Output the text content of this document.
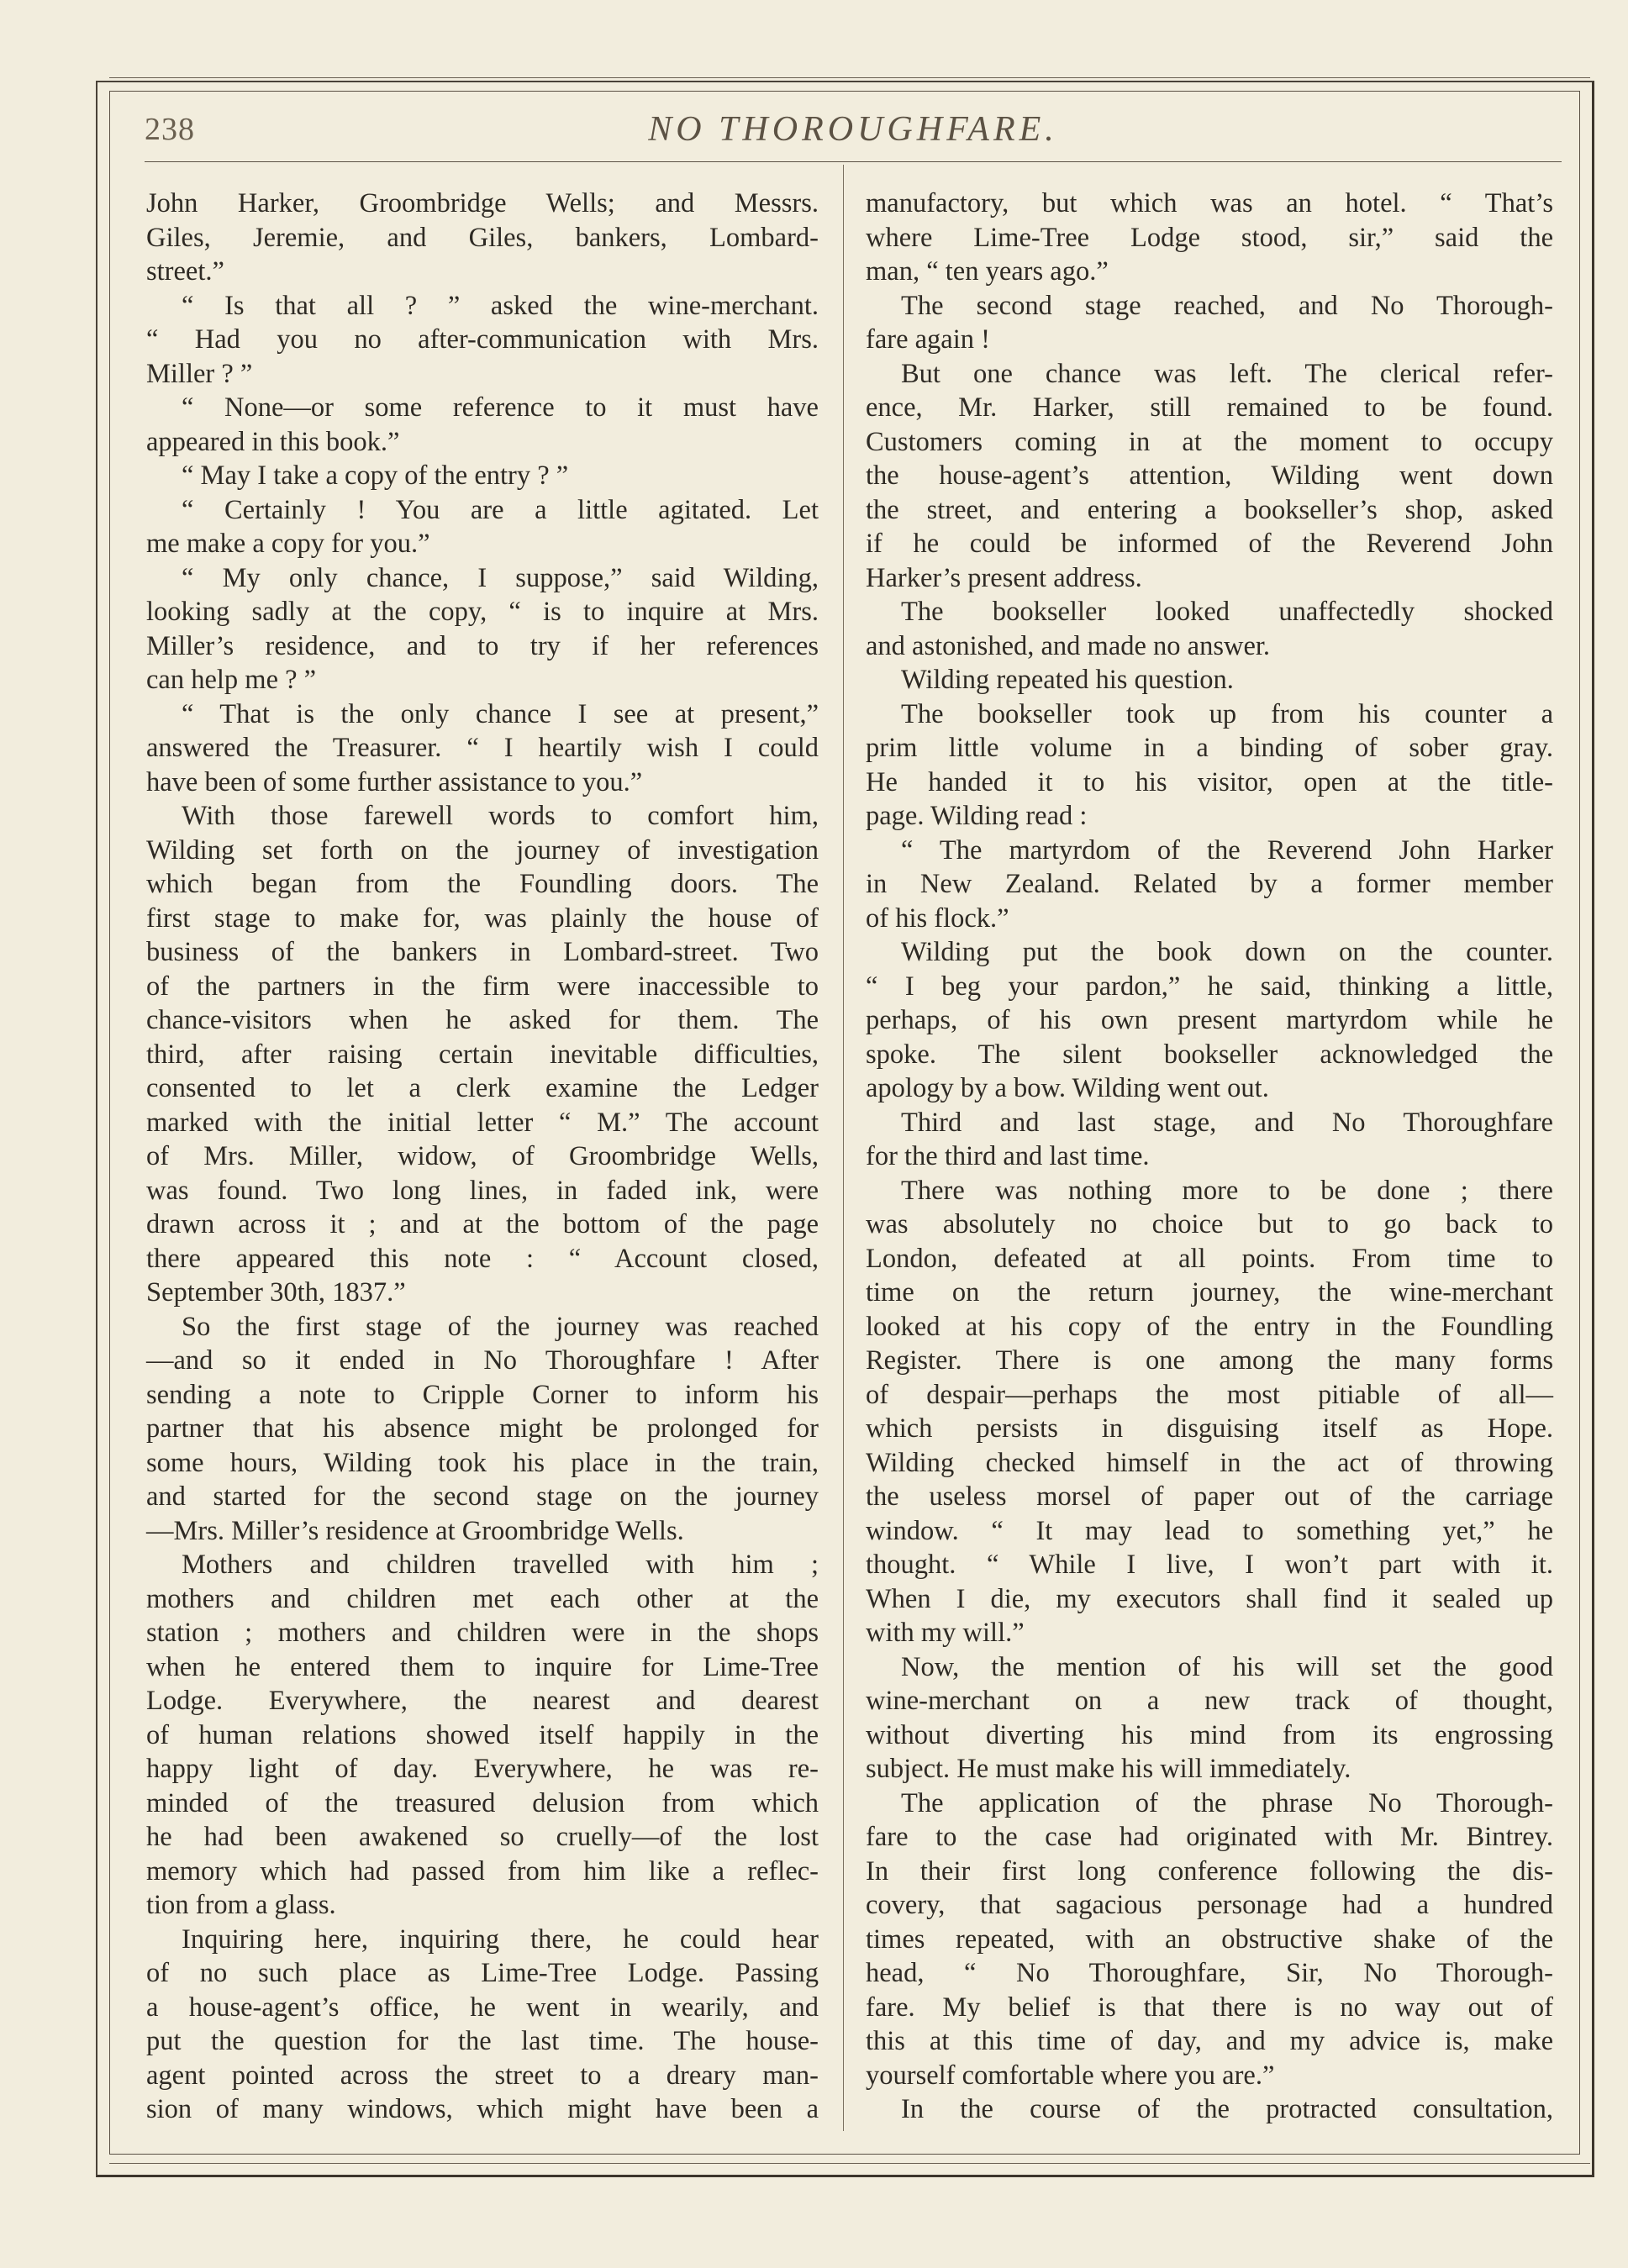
238	NO THOROUGHFARE.
John Harker, Groombridge Wells; and Messrs.
Giles, Jeremie, and Giles, bankers, Lombard-
street.”
“ Is that all ? ” asked the wine-merchant.
“ Had you no after-communication with Mrs.
Miller ? ”
“ None—or some reference to it must have
appeared in this book.”
“ May I take a copy of the entry ? ”
“ Certainly ! You are a little agitated. Let
me make a copy for you.”
“ My only chance, I suppose,” said Wilding,
looking sadly at the copy, “ is to inquire at Mrs.
Miller’s residence, and to try if her references
can help me ? ”
“ That is the only chance I see at present,”
answered the Treasurer. “ I heartily wish I could
have been of some further assistance to you.”
With those farewell words to comfort him,
Wilding set forth on the journey of investigation
which began from the Foundling doors. The
first stage to make for, was plainly the house of
business of the bankers in Lombard-street. Two
of the partners in the firm were inaccessible to
chance-visitors when he asked for them. The
third, after raising certain inevitable difficulties,
consented to let a clerk examine the Ledger
marked with the initial letter “ M.” The account
of Mrs. Miller, widow, of Groombridge Wells,
was found. Two long lines, in faded ink, were
drawn across it ; and at the bottom of the page
there appeared this note : “ Account closed,
September 30th, 1837.”
So the first stage of the journey was reached
—and so it ended in No Thoroughfare ! After
sending a note to Cripple Corner to inform his
partner that his absence might be prolonged for
some hours, Wilding took his place in the train,
and started for the second stage on the journey
—Mrs. Miller’s residence at Groombridge Wells.
Mothers and children travelled with him ;
mothers and children met each other at the
station ; mothers and children were in the shops
when he entered them to inquire for Lime-Tree
Lodge. Everywhere, the nearest and dearest
of human relations showed itself happily in the
happy light of day. Everywhere, he was re-
minded of the treasured delusion from which
he had been awakened so cruelly—of the lost
memory which had passed from him like a reflec-
tion from a glass.
Inquiring here, inquiring there, he could hear
of no such place as Lime-Tree Lodge. Passing
a house-agent’s office, he went in wearily, and
put the question for the last time. The house-
agent pointed across the street to a dreary man-
sion of many windows, which might have been a
manufactory, but which was an hotel. “ That’s
where Lime-Tree Lodge stood, sir,” said the
man, “ ten years ago.”
The second stage reached, and No Thorough-
fare again !
But one chance was left. The clerical refer-
ence, Mr. Harker, still remained to be found.
Customers coming in at the moment to occupy
the house-agent’s attention, Wilding went down
the street, and entering a bookseller’s shop, asked
if he could be informed of the Reverend John
Harker’s present address.
The bookseller looked unaffectedly shocked
and astonished, and made no answer.
Wilding repeated his question.
The bookseller took up from his counter a
prim little volume in a binding of sober gray.
He handed it to his visitor, open at the title-
page. Wilding read :
“ The martyrdom of the Reverend John Harker
in New Zealand. Related by a former member
of his flock.”
Wilding put the book down on the counter.
“ I beg your pardon,” he said, thinking a little,
perhaps, of his own present martyrdom while he
spoke. The silent bookseller acknowledged the
apology by a bow. Wilding went out.
Third and last stage, and No Thoroughfare
for the third and last time.
There was nothing more to be done ; there
was absolutely no choice but to go back to
London, defeated at all points. From time to
time on the return journey, the wine-merchant
looked at his copy of the entry in the Foundling
Register. There is one among the many forms
of despair—perhaps the most pitiable of all—
which persists in disguising itself as Hope.
Wilding checked himself in the act of throwing
the useless morsel of paper out of the carriage
window. “ It may lead to something yet,” he
thought. “ While I live, I won’t part with it.
When I die, my executors shall find it sealed up
with my will.”
Now, the mention of his will set the good
wine-merchant on a new track of thought,
without diverting his mind from its engrossing
subject. He must make his will immediately.
The application of the phrase No Thorough-
fare to the case had originated with Mr. Bintrey.
In their first long conference following the dis-
covery, that sagacious personage had a hundred
times repeated, with an obstructive shake of the
head, “ No Thoroughfare, Sir, No Thorough-
fare. My belief is that there is no way out of
this at this time of day, and my advice is, make
yourself comfortable where you are.”
In the course of the protracted consultation,
